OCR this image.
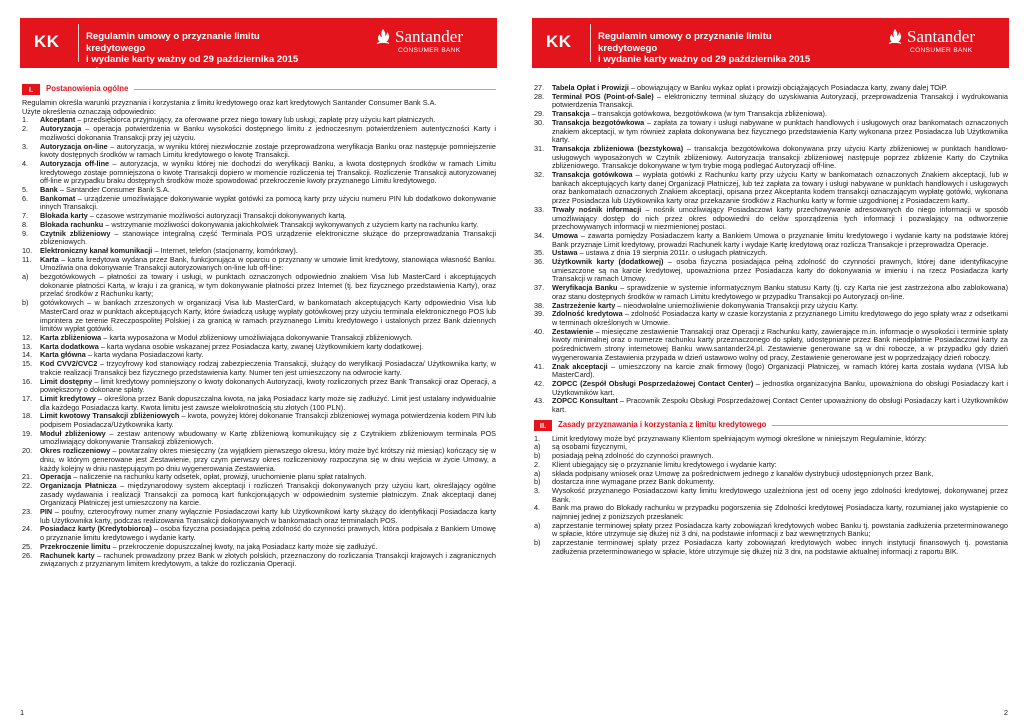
KK	Regulamin umowy o przyznanie limitu kredytowego
i wydanie karty ważny od 29 października 2015 roku
Santander
CONSUMER BANK
I.	Postanowienia ogólne

Regulamin określa warunki przyznania i korzystania z limitu kredytowego oraz kart kredytowych Santander Consumer Bank S.A.

Użyte określenia oznaczają odpowiednio:

1.	Akceptant – przedsiębiorca przyjmujący, za oferowane przez niego towary lub usługi, zapłatę przy użyciu kart płatniczych.
2.	Autoryzacja – operacja potwierdzenia w Banku wysokości dostępnego limitu z jednoczesnym potwierdzeniem autentyczności Karty i możliwości dokonania Transakcji przy jej użyciu.
3.	Autoryzacja on-line – autoryzacja, w wyniku której niezwłocznie zostaje przeprowadzona weryfikacja Banku oraz następuje pomniejszenie kwoty dostępnych środków w ramach Limitu kredytowego o kwotę Transakcji.
4.	Autoryzacja off-line – autoryzacja, w wyniku której nie dochodzi do weryfikacji Banku, a kwota dostępnych środków w ramach Limitu kredytowego zostaje pomniejszona o kwotę Transakcji dopiero w momencie rozliczenia tej Transakcji. Rozliczenie Transakcji autoryzowanej off-line w przypadku braku dostępnych środków może spowodować przekroczenie kwoty przyznanego Limitu kredytowego.
5.	Bank – Santander Consumer Bank S.A.
6.	Bankomat – urządzenie umożliwiające dokonywanie wypłat gotówki za pomocą karty przy użyciu numeru PIN lub dodatkowo dokonywanie innych Transakcji.
7.	Blokada karty – czasowe wstrzymanie możliwości autoryzacji Transakcji dokonywanych kartą.
8.	Blokada rachunku – wstrzymanie możliwości dokonywania jakichkolwiek Transakcji wykonywanych z użyciem karty na rachunku karty.
9.	Czytnik zbliżeniowy – stanowiące integralną część Terminala POS urządzenie elektroniczne służące do przeprowadzania Transakcji zbliżeniowych.
10.	Elektroniczny kanał komunikacji – Internet, telefon (stacjonarny, komórkowy).
11.	Karta – karta kredytowa wydana przez Bank, funkcjonująca w oparciu o przyznany w umowie limit kredytowy, stanowiąca własność Banku. Umożliwia ona dokonywanie Transakcji autoryzowanych on-line lub off-line:
a)	bezgotówkowych – płatności za towary i usługi, w punktach oznaczonych odpowiednio znakiem Visa lub MasterCard i akceptujących dokonanie płatności Kartą, w kraju i za granicą, w tym dokonywanie płatności przez Internet (tj. bez fizycznego przedstawienia Karty), oraz przelać środków z Rachunku karty;
b)	gotówkowych – w bankach zrzeszonych w organizacji Visa lub MasterCard, w bankomatach akceptujących Karty odpowiednio Visa lub MasterCard oraz w punktach akceptujących Karty, które świadczą usługę wypłaty gotówkowej przy użyciu terminala elektronicznego POS lub imprinterа ze terenie Rzeczpospolitej Polskiej i za granicą w ramach przyznanego Limitu kredytowego i ustalonych przez Bank dziennych limitów wypłat gotówki.
12.	Karta zbliżeniowa – karta wyposażona w Moduł zbliżeniowy umożliwiająca dokonywanie Transakcji zbliżeniowych.
13.	Karta dodatkowa – karta wydana osobie wskazanej przez Posiadacza karty, zwanej Użytkownikiem karty dodatkowej.
14.	Karta główna – karta wydana Posiadaczowi karty.
15.	Kod CVV2/CVC2 – trzycyfrowy kod stanowiący rodzaj zabezpieczenia Transakcji, służący do weryfikacji Posiadacza/ Użytkownika karty, w trakcie realizacji Transakcji bez fizycznego przedstawienia karty. Numer ten jest umieszczony na odwrocie karty.
16.	Limit dostępny – limit kredytowy pomniejszony o kwoty dokonanych Autoryzacji, kwoty rozliczonych przez Bank Transakcji oraz Operacji, a powiększony o dokonane spłaty.
17.	Limit kredytowy – określona przez Bank dopuszczalna kwota, na jaką Posiadacz karty może się zadłużyć. Limit jest ustalany indywidualnie dla każdego Posiadacza karty. Kwota limitu jest zawsze wielokrotnością stu złotych (100 PLN).
18.	Limit kwotowy Transakcji zbliżeniowych – kwota, powyżej której dokonanie Transakcji zbliżeniowej wymaga potwierdzenia kodem PIN lub podpisem Posiadacza/Użytkownika karty.
19.	Moduł zbliżeniowy – zestaw antenowy wbudowany w Kartę zbliżeniową komunikujący się z Czytnikiem zbliżeniowym terminala POS umożliwiający dokonywanie Transakcji zbliżeniowych.
20.	Okres rozliczeniowy – powtarzalny okres miesięczny (za wyjątkiem pierwszego okresu, który może być krótszy niż miesiąc) kończący się w dniu, w którym generowane jest Zestawienie, przy czym pierwszy okres rozliczeniowy rozpoczyna się w dniu wejścia w życie Umowy, a każdy kolejny w dniu następującym po dniu wygenerowania Zestawienia.
21.	Operacja – naliczenie na rachunku karty odsetek, opłat, prowizji, uruchomienie planu spłat ratalnych.
22.	Organizacja Płatnicza – międzynarodowy system akceptacji i rozliczeń Transakcji dokonywanych przy użyciu kart, określający ogólne zasady wydawania i realizacji Transakcji za pomocą kart funkcjonujących w odpowiednim systemie płatniczym. Znak akceptacji danej Organizacji Płatniczej jest umieszczony na karcie.
23.	PIN – poufny, czterocyfrowy numer znany wyłącznie Posiadaczowi karty lub Użytkownikowi karty służący do identyfikacji Posiadacza karty lub Użytkownika karty, podczas realizowania Transakcji dokonywanych w bankomatach oraz terminalach POS.
24.	Posiadacz karty (Kredytobiorca) – osoba fizyczna posiadająca pełną zdolność do czynności prawnych, która podpisała z Bankiem Umowę o przyznanie limitu kredytowego i wydanie karty.
25.	Przekroczenie limitu – przekroczenie dopuszczalnej kwoty, na jaką Posiadacz karty może się zadłużyć.
26.	Rachunek karty – rachunek prowadzony przez Bank w złotych polskich, przeznaczony do rozliczania Transakcji krajowych i zagranicznych związanych z przyznanym limitem kredytowym, a także do rozliczania Operacji.
1
KK	Regulamin umowy o przyznanie limitu kredytowego
i wydanie karty ważny od 29 października 2015 roku
Santander
CONSUMER BANK
27.	Tabela Opłat i Prowizji – obowiązujący w Banku wykaz opłat i prowizji obciążających Posiadacza karty, zwany dalej TOiP.
28.	Terminal POS (Point-of-Sale) – elektroniczny terminal służący do uzyskiwania Autoryzacji, przeprowadzenia Transakcji i wydrukowania potwierdzenia Transakcji.
29.	Transakcja – transakcja gotówkowa, bezgotówkowa (w tym Transakcja zbliżeniowa).
30.	Transakcja bezgotówkowa – zapłata za towary i usługi nabywane w punktach handlowych i usługowych oraz bankomatach oznaczonych znakiem akceptacji, w tym również zapłata dokonywana bez fizycznego przedstawienia Karty wykonana przez Posiadacza lub Użytkownika karty.
31.	Transakcja zbliżeniowa (bezstykowa) – transakcja bezgotówkowa dokonywana przy użyciu Karty zbliżeniowej w punktach handlowo-usługowych wyposażonych w Czytnik zbliżeniowy. Autoryzacja transakcji zbliżeniowej następuje poprzez zbliżenie Karty do Czytnika zbliżeniowego. Transakcje dokonywane w tym trybie mogą podlegać Autoryzacji off-line.
32.	Transakcja gotówkowa – wypłata gotówki z Rachunku karty przy użyciu Karty w bankomatach oznaczonych Znakiem akceptacji, lub w bankach akceptujących karty danej Organizacji Płatniczej, lub też zapłata za towary i usługi nabywane w punktach handlowych i usługowych oraz bankomatach oznaczonych Znakiem akceptacji, opisana przez Akceptanta kodem transakcji oznaczającym wypłatę gotówki, wykonana przez Posiadacza lub Użytkownika karty oraz przekazanie środków z Rachunku karty w formie uzgodnionej z Posiadaczem karty.
33.	Trwały nośnik informacji – nośnik umożliwiający Posiadaczowi karty przechowywanie adresowanych do niego informacji w sposób umożliwiający dostęp do nich przez okres odpowiedni do celów sporządzenia tych informacji i pozwalający na odtworzenie przechowywanych informacji w niezmienionej postaci.
34.	Umowa – zawarta pomiędzy Posiadaczem karty a Bankiem Umowa o przyznanie limitu kredytowego i wydanie karty na podstawie której Bank przyznaje Limit kredytowy, prowadzi Rachunek karty i wydaje Kartę kredytową oraz rozlicza Transakcje i przeprowadza Operacje.
35.	Ustawa – ustawa z dnia 19 sierpnia 2011r. o usługach płatniczych.
36.	Użytkownik karty (dodatkowej) – osoba fizyczna posiadająca pełną zdolność do czynności prawnych, której dane identyfikacyjne umieszczone są na karcie kredytowej, upoważniona przez Posiadacza karty do dokonywania w imieniu i na rzecz Posiadacza karty Transakcji w ramach Umowy.
37.	Weryfikacja Banku – sprawdzenie w systemie informatycznym Banku statusu Karty (tj. czy Karta nie jest zastrzeżona albo zablokowana) oraz stanu dostępnych środków w ramach Limitu kredytowego w przypadku Transakcji po Autoryzacji on-line.
38.	Zastrzeżenie karty – nieodwołalne uniemożliwienie dokonywania Transakcji przy użyciu Karty.
39.	Zdolność kredytowa – zdolność Posiadacza karty w czasie korzystania z przyznanego Limitu kredytowego do jego spłaty wraz z odsetkami w terminach określonych w Umowie.
40.	Zestawienie – miesięczne zestawienie Transakcji oraz Operacji z Rachunku karty, zawierające m.in. informacje o wysokości i terminie spłaty kwoty minimalnej oraz o numerze rachunku karty przeznaczonego do spłaty, udostępniane przez Bank nieodpłatnie Posiadaczowi karty za pośrednictwem strony internetowej Banku www.santander24.pl. Zestawienie generowane są w dni robocze, a w przypadku gdy dzień wygenerowania Zestawienia przypada w dzień ustawowo wolny od pracy, Zestawienie generowane jest w poprzedzający dzień roboczy.
41.	Znak akceptacji – umieszczony na karcie znak firmowy (logo) Organizacji Płatniczej, w ramach której karta została wydana (VISA lub MasterCard).
42.	ZOPCC (Zespół Obsługi Posprzedażowej Contact Center) – jednostka organizacyjna Banku, upoważniona do obsługi Posiadaczy kart i Użytkowników kart.
43.	ZOPCC Konsultant – Pracownik Zespołu Obsługi Posprzedażowej Contact Center upoważniony do obsługi Posiadaczy kart i Użytkowników kart.
II.	Zasady przyznawania i korzystania z limitu kredytowego
1.	Limit kredytowy może być przyznawany Klientom spełniającym wymogi określone w niniejszym Regulaminie, którzy:
a)	są osobami fizycznymi,
b)	posiadają pełną zdolność do czynności prawnych.
2.	Klient ubiegający się o przyznanie limitu kredytowego i wydanie karty:
a)	składa podpisany wniosek oraz Umowę za pośrednictwem jednego z kanałów dystrybucji udostępnionych przez Bank,
b)	dostarcza inne wymagane przez Bank dokumenty.
3.	Wysokość przyznanego Posiadaczowi karty limitu kredytowego uzależniona jest od oceny jego zdolności kredytowej, dokonywanej przez Bank.
4.	Bank ma prawo do Blokady rachunku w przypadku pogorszenia się Zdolności kredytowej Posiadacza karty, rozumianej jako wystąpienie co najmniej jednej z poniższych przesłanek:
a)	zaprzestanie terminowej spłaty przez Posiadacza karty zobowiązań kredytowych wobec Banku tj. powstania zadłużenia przeterminowanego w spłacie, które utrzymuje się dłużej niż 3 dni, na podstawie informacji z baz wewnętrznych Banku;
b)	zaprzestanie terminowej spłaty przez Posiadacza karty zobowiązań kredytowych wobec innych instytucji finansowych tj. powstania zadłużenia przeterminowanego w spłacie, które utrzymuje się dłużej niż 3 dni, na podstawie aktualnej informacji z raportu BIK.
2
